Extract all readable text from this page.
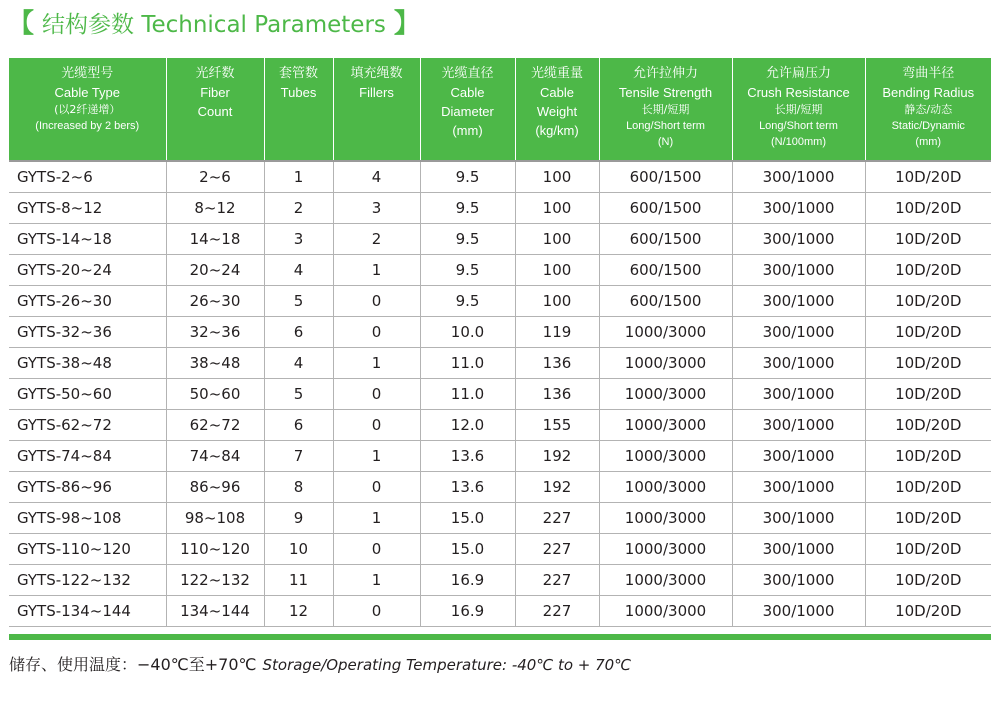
【 结构参数 Technical Parameters 】
光缆型号
Cable Type
(以2纤递增）
(Increased by 2 bers)	光纤数
Fiber
Count	套管数
Tubes	填充绳数
Fillers	光缆直径
Cable
Diameter
(mm)	光缆重量
Cable
Weight
(kg/km)	允许拉伸力
Tensile Strength
长期/短期
Long/Short term
(N)	允许扁压力
Crush Resistance
长期/短期
Long/Short term
(N/100mm)	弯曲半径
Bending Radius
静态/动态
Static/Dynamic
(mm)

GYTS-2~6	2~6	1	4	9.5	100	600/1500	300/1000	10D/20D
GYTS-8~12	8~12	2	3	9.5	100	600/1500	300/1000	10D/20D
GYTS-14~18	14~18	3	2	9.5	100	600/1500	300/1000	10D/20D
GYTS-20~24	20~24	4	1	9.5	100	600/1500	300/1000	10D/20D
GYTS-26~30	26~30	5	0	9.5	100	600/1500	300/1000	10D/20D
GYTS-32~36	32~36	6	0	10.0	119	1000/3000	300/1000	10D/20D
GYTS-38~48	38~48	4	1	11.0	136	1000/3000	300/1000	10D/20D
GYTS-50~60	50~60	5	0	11.0	136	1000/3000	300/1000	10D/20D
GYTS-62~72	62~72	6	0	12.0	155	1000/3000	300/1000	10D/20D
GYTS-74~84	74~84	7	1	13.6	192	1000/3000	300/1000	10D/20D
GYTS-86~96	86~96	8	0	13.6	192	1000/3000	300/1000	10D/20D
GYTS-98~108	98~108	9	1	15.0	227	1000/3000	300/1000	10D/20D
GYTS-110~120	110~120	10	0	15.0	227	1000/3000	300/1000	10D/20D
GYTS-122~132	122~132	11	1	16.9	227	1000/3000	300/1000	10D/20D
GYTS-134~144	134~144	12	0	16.9	227	1000/3000	300/1000	10D/20D
储存、使用温度：−40℃至+70℃ Storage/Operating Temperature: -40℃ to + 70℃
